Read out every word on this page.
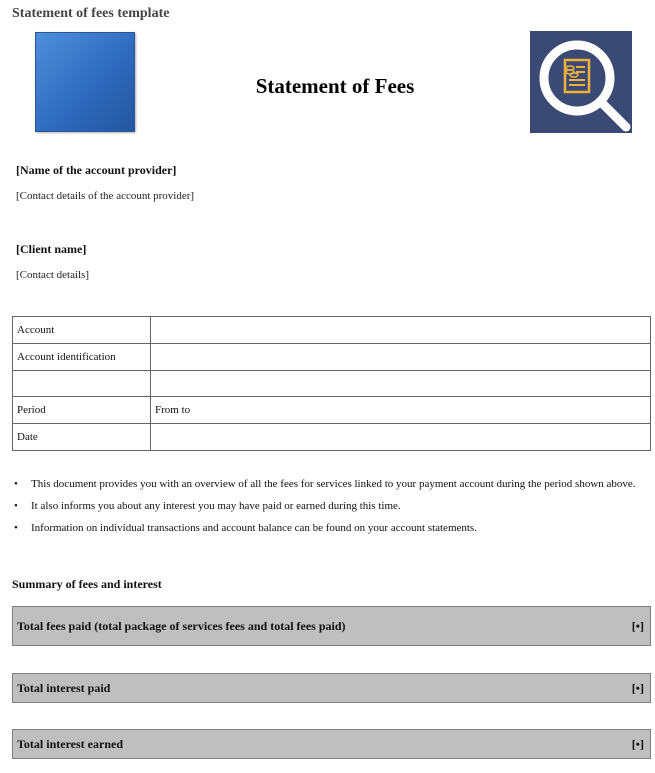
Statement of fees template
Statement of Fees
[Name of the account provider]
[Contact details of the account provider]
[Client name]
[Contact details]
Account	
Account identification	

Period	From to
Date	
•	This document provides you with an overview of all the fees for services linked to your payment account during the period shown above.
•	It also informs you about any interest you may have paid or earned during this time.
•	Information on individual transactions and account balance can be found on your account statements.
Summary of fees and interest
Total fees paid (total package of services fees and total fees paid)	[•]
Total interest paid	[•]
Total interest earned	[•]
